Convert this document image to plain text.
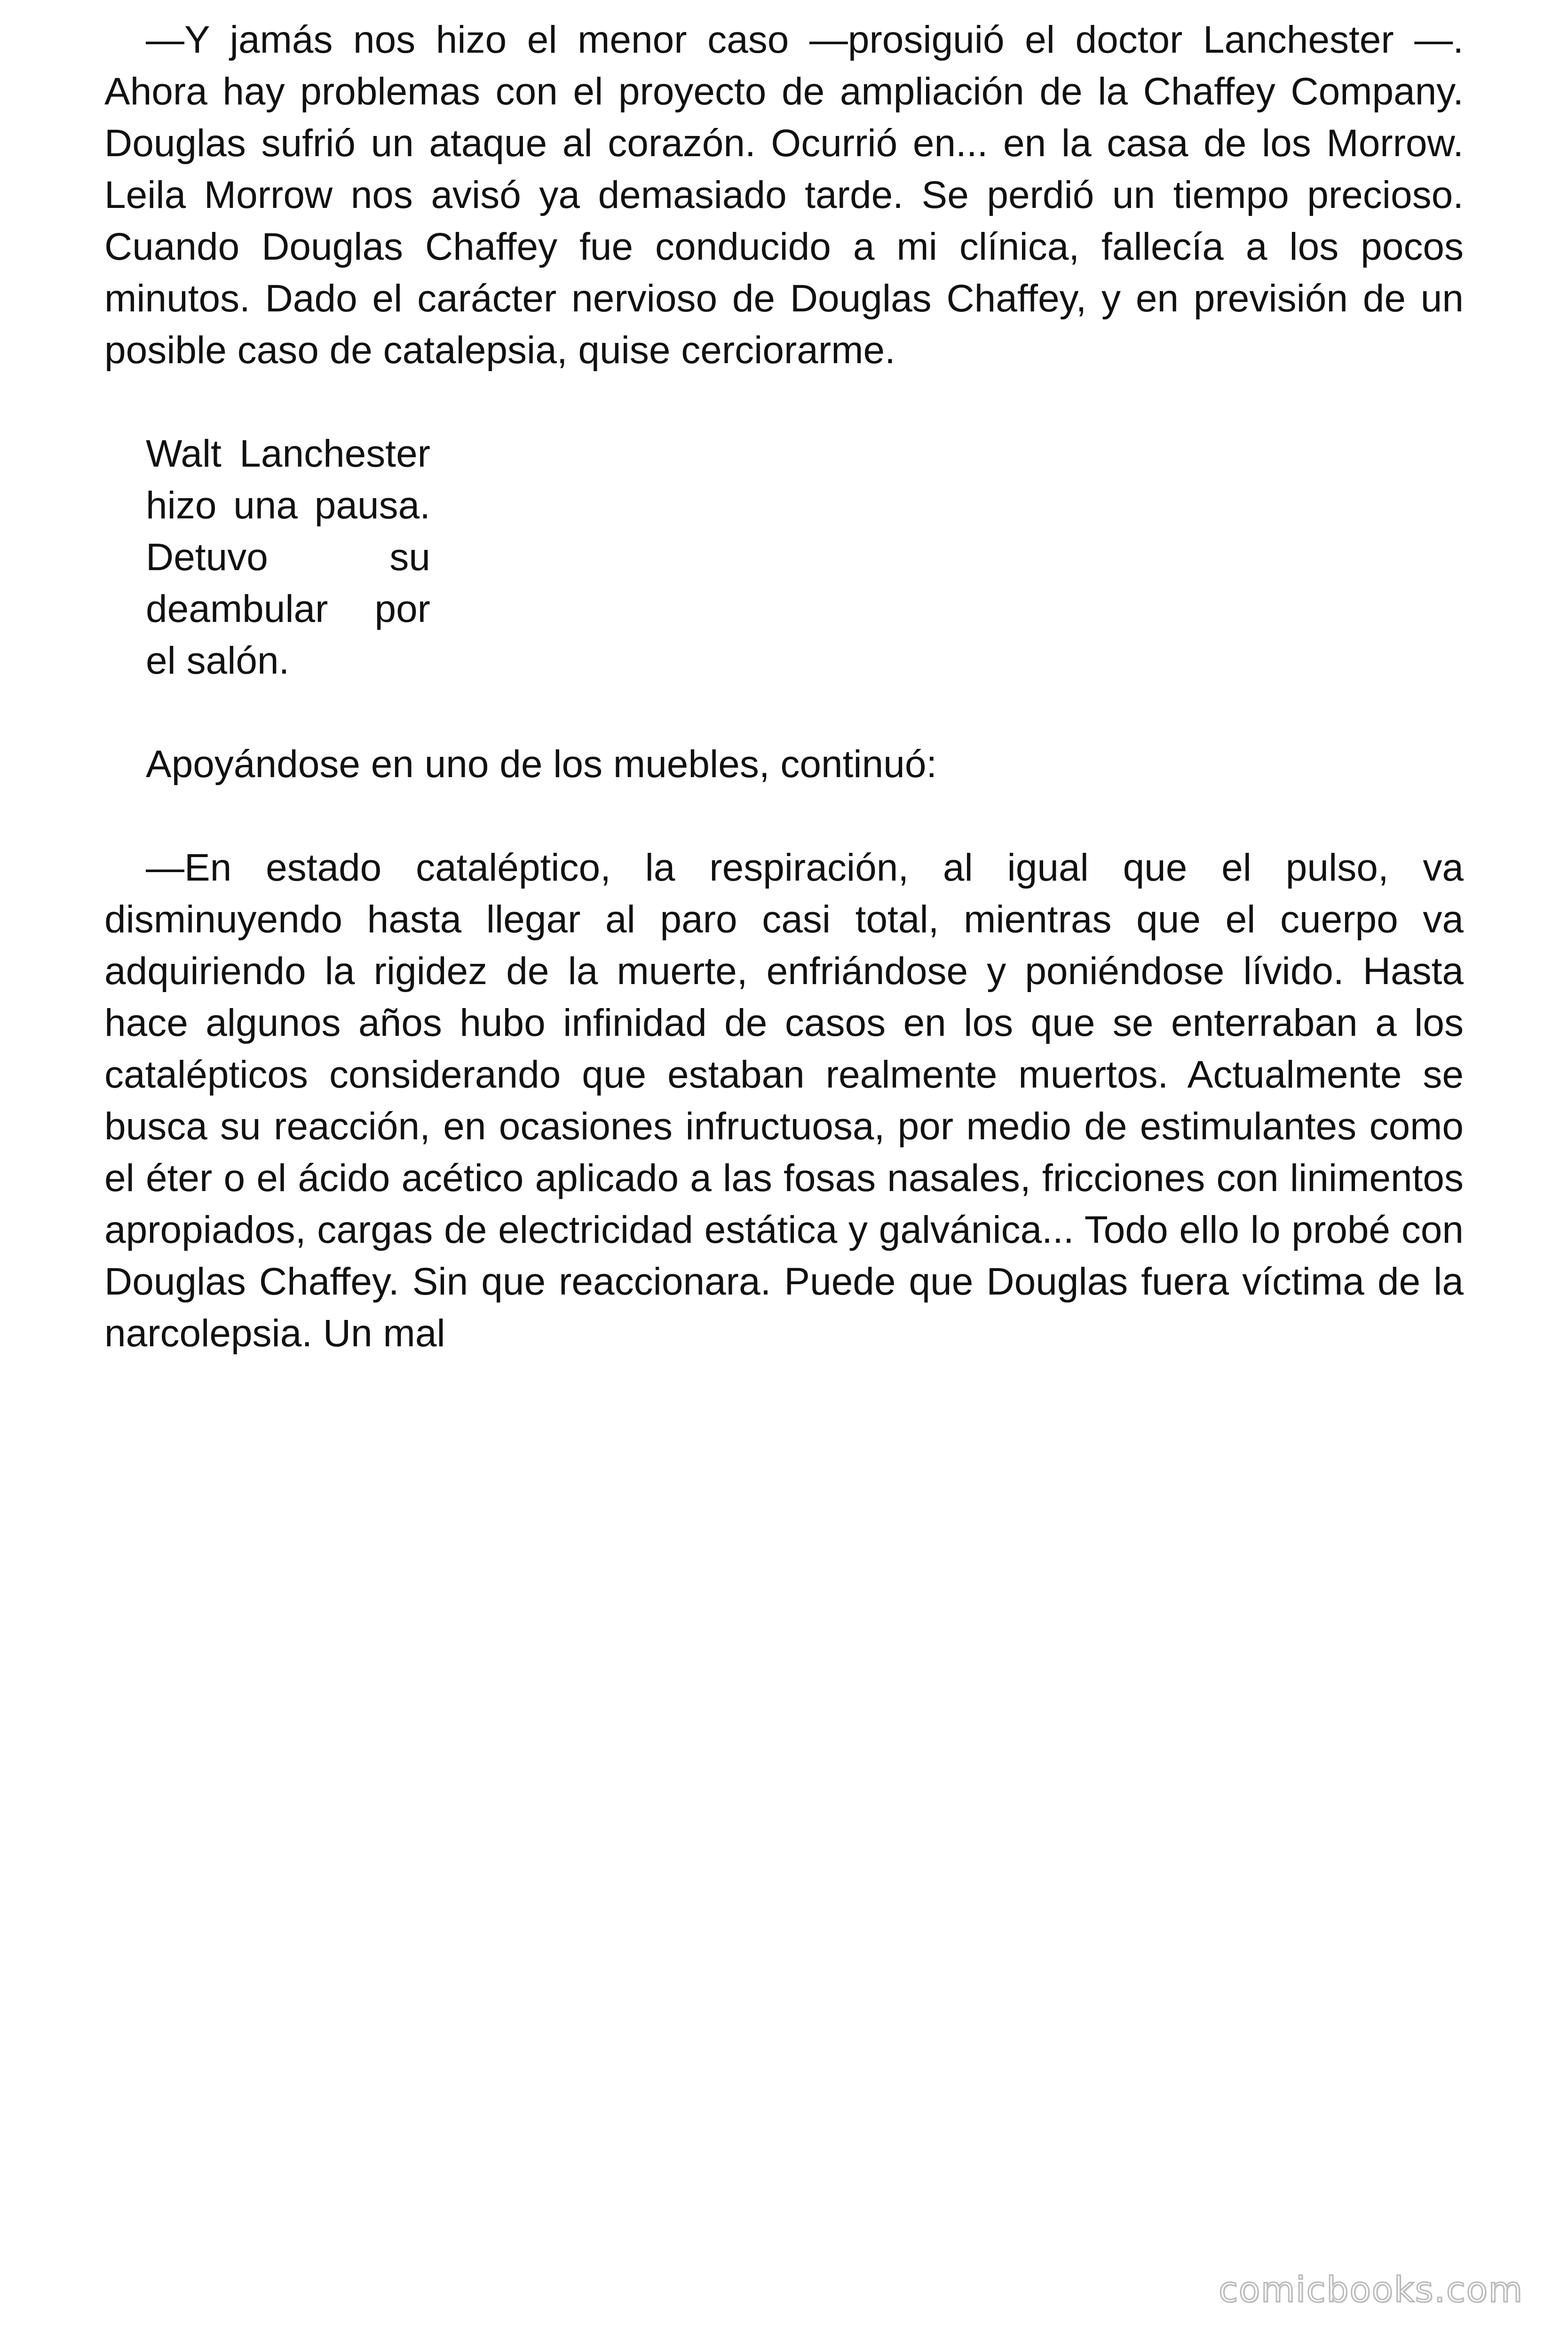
—Y jamás nos hizo el menor caso —prosiguió el doctor Lanchester —. Ahora hay problemas con el proyecto de ampliación de la Chaffey Company. Douglas sufrió un ataque al corazón. Ocurrió en... en la casa de los Morrow. Leila Morrow nos avisó ya demasiado tarde. Se perdió un tiempo precioso. Cuando Douglas Chaffey fue conducido a mi clínica, fallecía a los pocos minutos. Dado el carácter nervioso de Douglas Chaffey, y en previsión de un posible caso de catalepsia, quise cerciorarme.

Walt Lanchester hizo una pausa. Detuvo su deambular por el salón.

Apoyándose en uno de los muebles, continuó:

—En estado cataléptico, la respiración, al igual que el pulso, va disminuyendo hasta llegar al paro casi total, mientras que el cuerpo va adquiriendo la rigidez de la muerte, enfriándose y poniéndose lívido. Hasta hace algunos años hubo infinidad de casos en los que se enterraban a los catalépticos considerando que estaban realmente muertos. Actualmente se busca su reacción, en ocasiones infructuosa, por medio de estimulantes como el éter o el ácido acético aplicado a las fosas nasales, fricciones con linimentos apropiados, cargas de electricidad estática y galvánica... Todo ello lo probé con Douglas Chaffey. Sin que reaccionara. Puede que Douglas fuera víctima de la narcolepsia. Un mal

comicbooks.com
